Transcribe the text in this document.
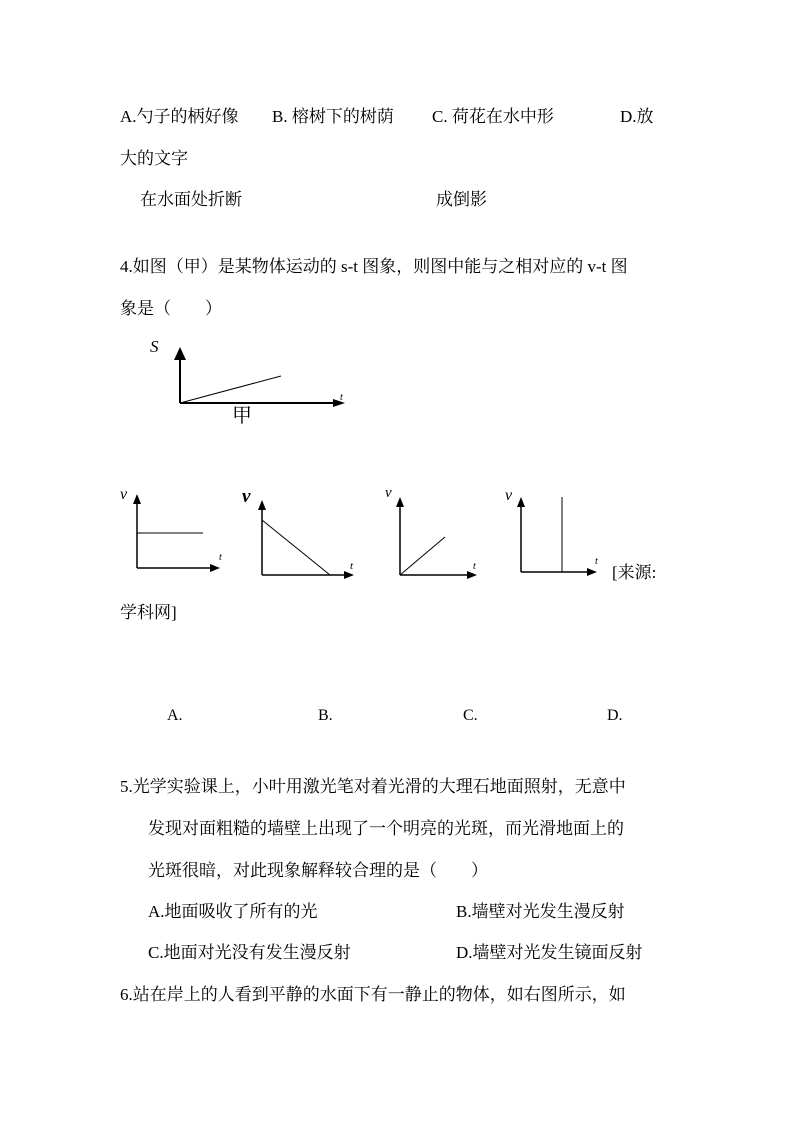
A.勺子的柄好像 B. 榕树下的树荫 C. 荷花在水中形	D.放
大的文字
在水面处折断	成倒影
4.如图（甲）是某物体运动的 s-t 图象，则图中能与之相对应的 v-t 图
象是（　　）
S
t
甲
v
t
v
t
v
t
v
t
[来源:
学科网]
A.	B.	C.	D.
5.光学实验课上，小叶用激光笔对着光滑的大理石地面照射，无意中
发现对面粗糙的墙壁上出现了一个明亮的光斑，而光滑地面上的
光斑很暗，对此现象解释较合理的是（　　）
A.地面吸收了所有的光	B.墙壁对光发生漫反射
C.地面对光没有发生漫反射	D.墙壁对光发生镜面反射
6.站在岸上的人看到平静的水面下有一静止的物体，如右图所示，如
